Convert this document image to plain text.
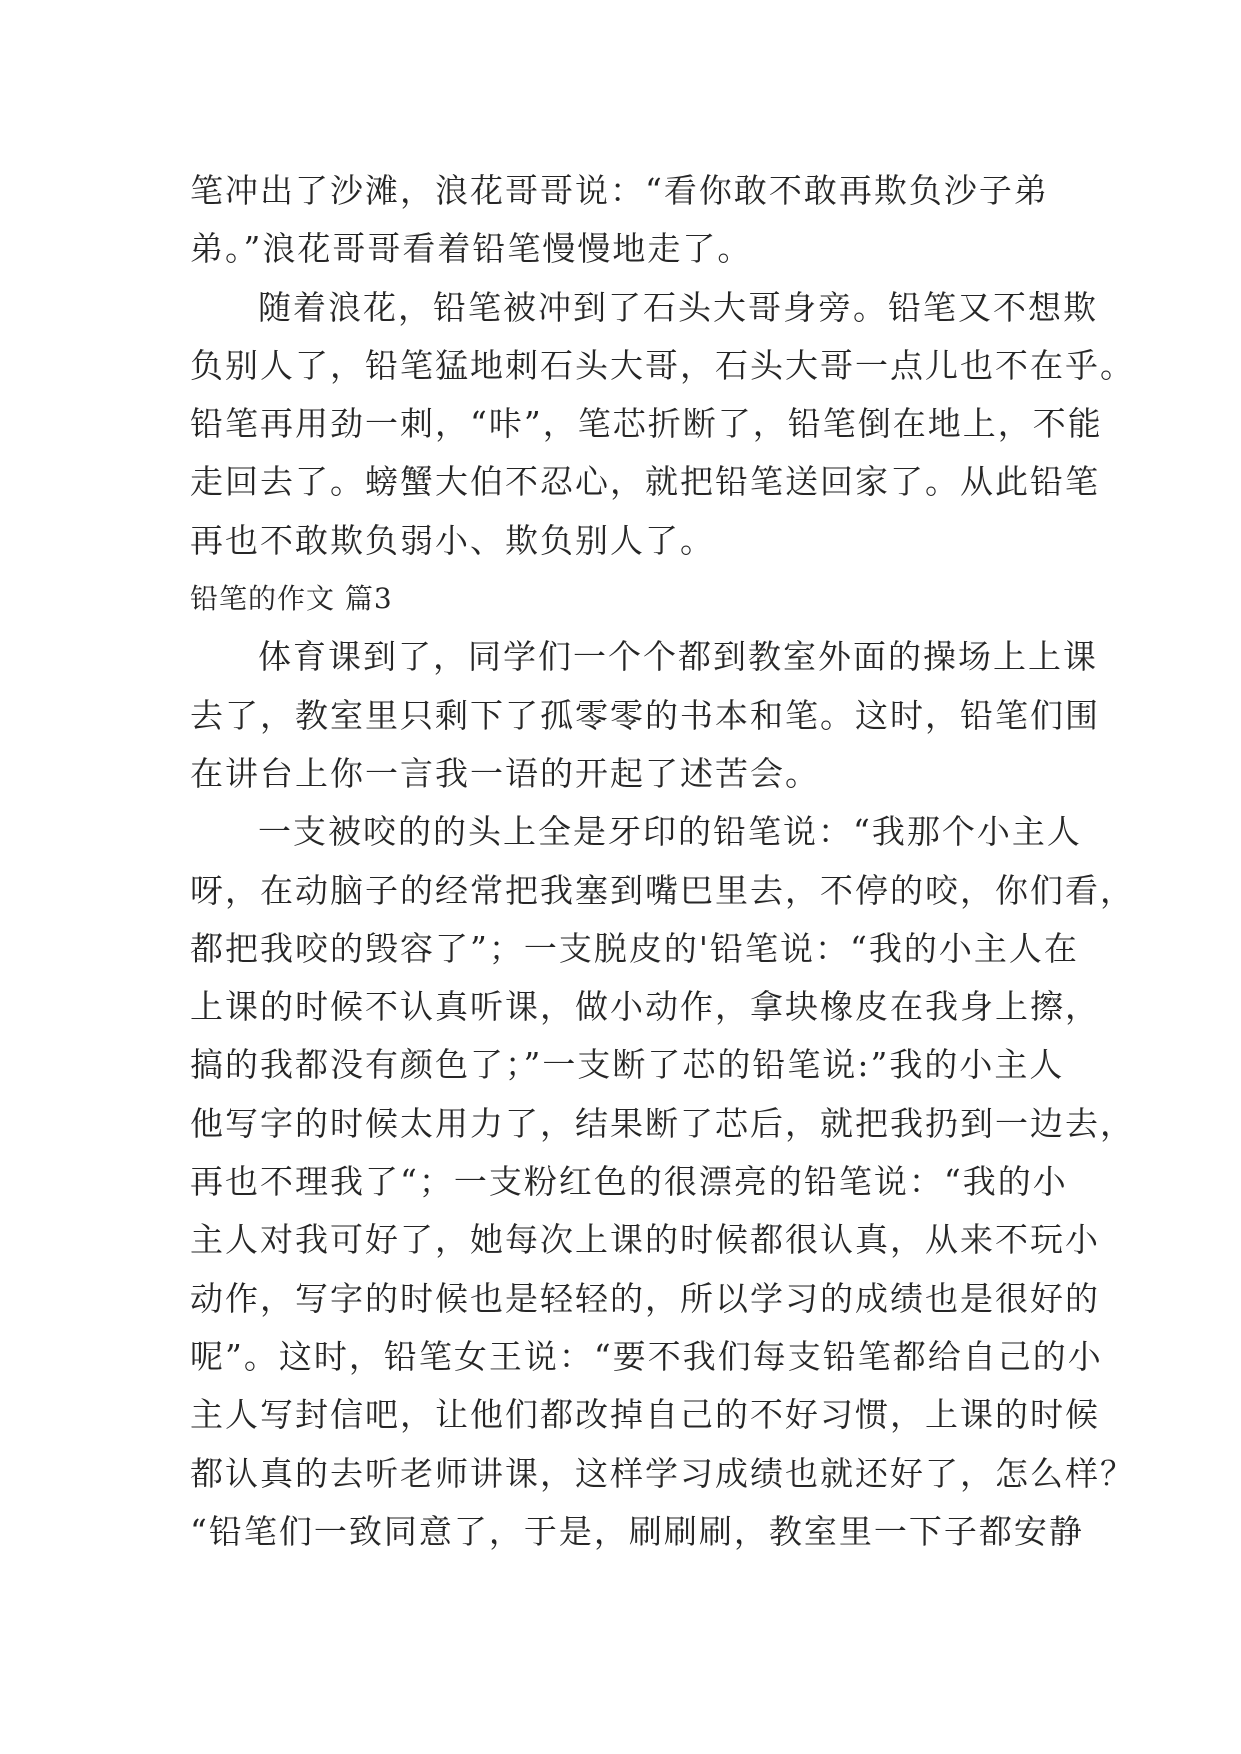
笔冲出了沙滩，浪花哥哥说：“看你敢不敢再欺负沙子弟
弟。”浪花哥哥看着铅笔慢慢地走了。
随着浪花，铅笔被冲到了石头大哥身旁。铅笔又不想欺
负别人了，铅笔猛地刺石头大哥，石头大哥一点儿也不在乎。
铅笔再用劲一刺，“咔”，笔芯折断了，铅笔倒在地上，不能
走回去了。螃蟹大伯不忍心，就把铅笔送回家了。从此铅笔
再也不敢欺负弱小、欺负别人了。
铅笔的作文 篇3
体育课到了，同学们一个个都到教室外面的操场上上课
去了，教室里只剩下了孤零零的书本和笔。这时，铅笔们围
在讲台上你一言我一语的开起了述苦会。
一支被咬的的头上全是牙印的铅笔说：“我那个小主人
呀，在动脑子的经常把我塞到嘴巴里去，不停的咬，你们看，
都把我咬的毁容了”；一支脱皮的'铅笔说：“我的小主人在
上课的时候不认真听课，做小动作，拿块橡皮在我身上擦，
搞的我都没有颜色了；”一支断了芯的铅笔说:”我的小主人
他写字的时候太用力了，结果断了芯后，就把我扔到一边去，
再也不理我了“；一支粉红色的很漂亮的铅笔说：“我的小
主人对我可好了，她每次上课的时候都很认真，从来不玩小
动作，写字的时候也是轻轻的，所以学习的成绩也是很好的
呢”。这时，铅笔女王说：“要不我们每支铅笔都给自己的小
主人写封信吧，让他们都改掉自己的不好习惯，上课的时候
都认真的去听老师讲课，这样学习成绩也就还好了，怎么样？
“铅笔们一致同意了，于是，刷刷刷，教室里一下子都安静
